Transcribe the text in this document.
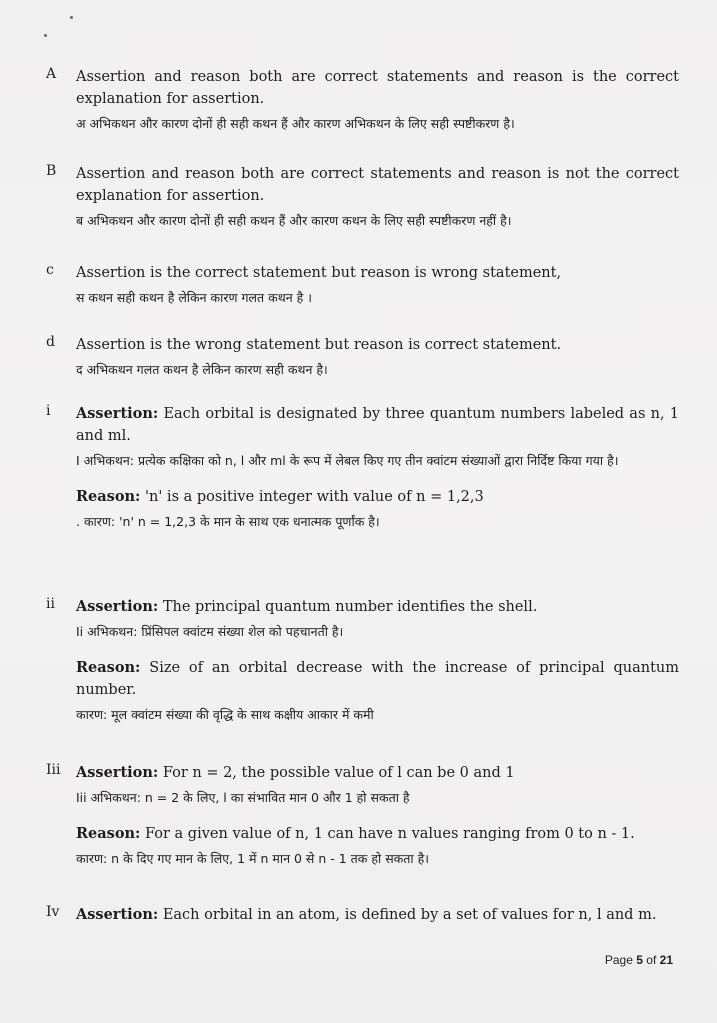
A Assertion and reason both are correct statements and reason is the correct explanation for assertion.

अ अभिकथन और कारण दोनों ही सही कथन हैं और कारण अभिकथन के लिए सही स्पष्टीकरण है।

B Assertion and reason both are correct statements and reason is not the correct explanation for assertion.

ब अभिकथन और कारण दोनों ही सही कथन हैं और कारण कथन के लिए सही स्पष्टीकरण नहीं है।

c Assertion is the correct statement but reason is wrong statement,

स कथन सही कथन है लेकिन कारण गलत कथन है ।

d Assertion is the wrong statement but reason is correct statement.

द अभिकथन गलत कथन है लेकिन कारण सही कथन है।

i Assertion: Each orbital is designated by three quantum numbers labeled as n, 1 and ml.

I अभिकथन: प्रत्येक कक्षिका को n, l और ml के रूप में लेबल किए गए तीन क्वांटम संख्याओं द्वारा निर्दिष्ट किया गया है।

Reason: 'n' is a positive integer with value of n = 1,2,3

. कारण: 'n' n = 1,2,3 के मान के साथ एक धनात्मक पूर्णांक है।

ii Assertion: The principal quantum number identifies the shell.

Ii अभिकथन: प्रिंसिपल क्वांटम संख्या शेल को पहचानती है।

Reason: Size of an orbital decrease with the increase of principal quantum number.

कारण: मूल क्वांटम संख्या की वृद्धि के साथ कक्षीय आकार में कमी

Iii Assertion: For n = 2, the possible value of l can be 0 and 1

Iii अभिकथन: n = 2 के लिए, l का संभावित मान 0 और 1 हो सकता है

Reason: For a given value of n, 1 can have n values ranging from 0 to n - 1.

कारण: n के दिए गए मान के लिए, 1 में n मान 0 से n - 1 तक हो सकता है।

Iv Assertion: Each orbital in an atom, is defined by a set of values for n, l and m.

Page 5 of 21
